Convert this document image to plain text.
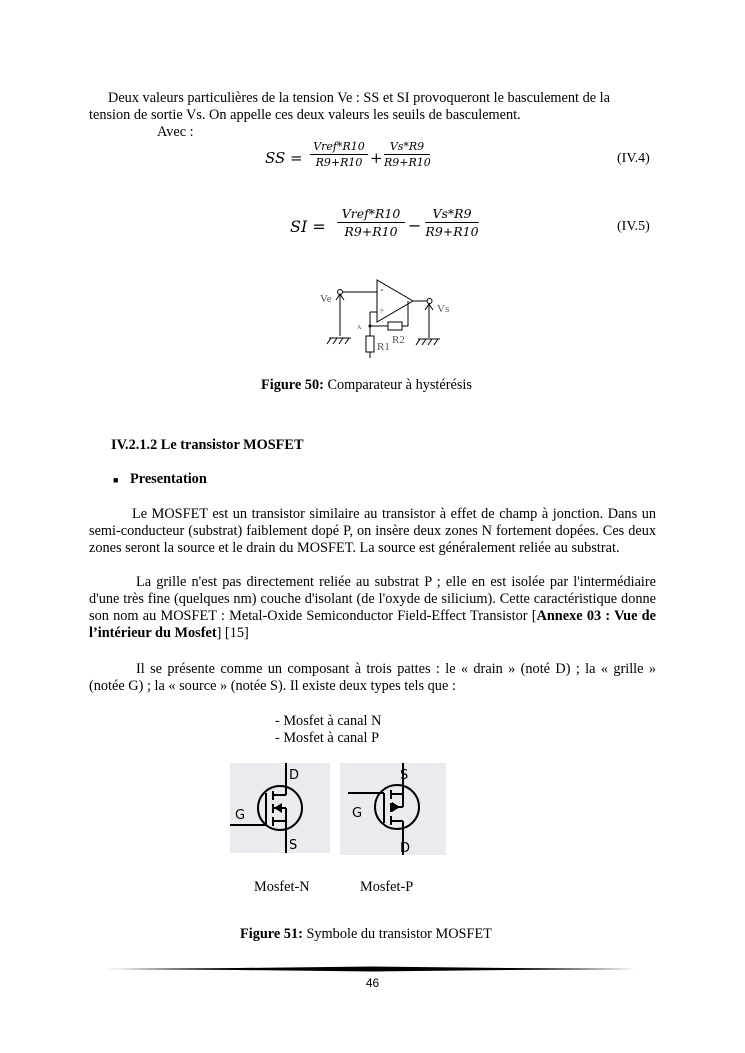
Deux valeurs particulières de la tension Ve : SS et SI provoqueront le basculement de la
tension de sortie Vs. On appelle ces deux valeurs les seuils de basculement.
Avec :
SS =
Vref*R10
R9+R10 +
Vs*R9
R9+R10	(IV.4)
SI =
Vref*R10
R9+R10 −
Vs*R9
R9+R10	(IV.5)
Ve
Vs
A
R1
R2
-
+
Figure 50: Comparateur à hystérésis
IV.2.1.2 Le transistor MOSFET
■ Presentation
Le MOSFET est un transistor similaire au transistor à effet de champ à jonction. Dans un semi-conducteur (substrat) faiblement dopé P, on insère deux zones N fortement dopées. Ces deux zones seront la source et le drain du MOSFET. La source est généralement reliée au substrat.
La grille n'est pas directement reliée au substrat P ; elle en est isolée par l'intermédiaire d'une très fine (quelques nm) couche d'isolant (de l'oxyde de silicium). Cette caractéristique donne son nom au MOSFET : Metal-Oxide Semiconductor Field-Effect Transistor [Annexe 03 : Vue de l’intérieur du Mosfet] [15]
Il se présente comme un composant à trois pattes : le « drain » (noté D) ; la « grille » (notée G) ; la « source » (notée S). Il existe deux types tels que :
- Mosfet à canal N
- Mosfet à canal P
D
G
S
S
G
D
Mosfet-N	Mosfet-P
Figure 51: Symbole du transistor MOSFET
46
